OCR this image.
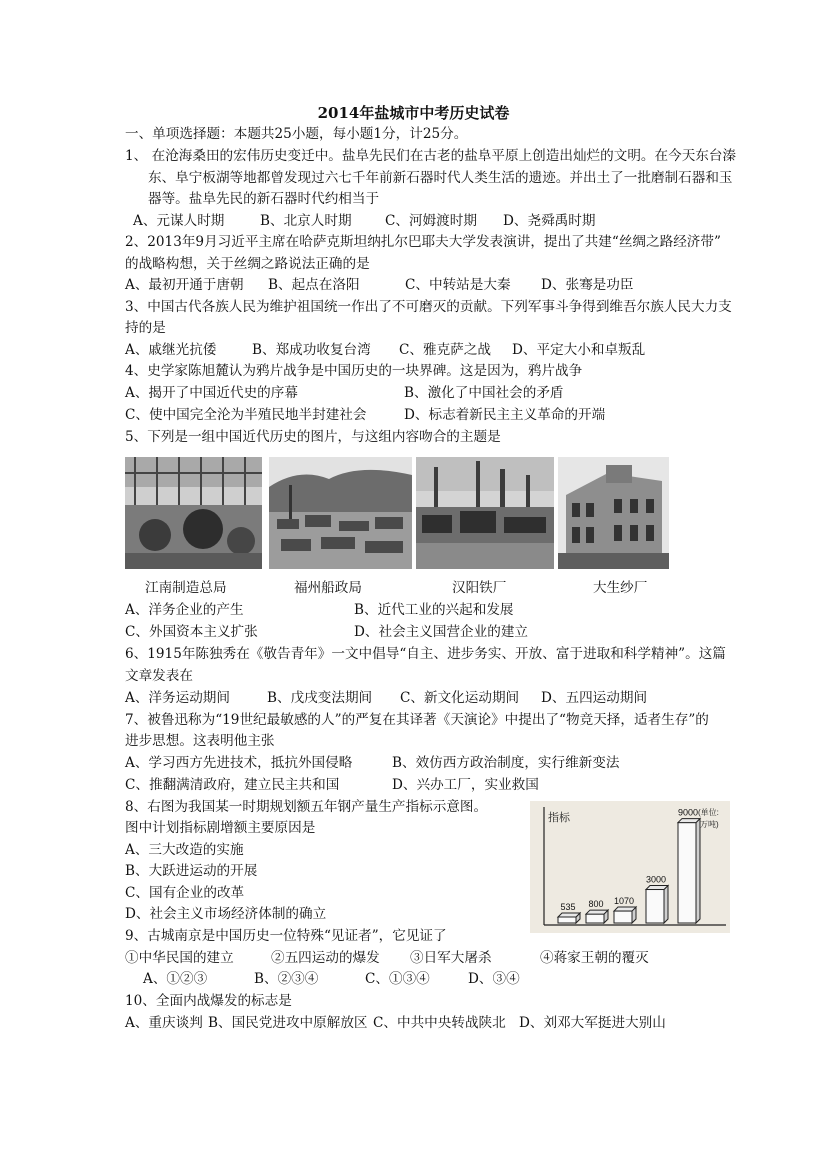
2014年盐城市中考历史试卷
一、单项选择题：本题共25小题，每小题1分，计25分。
1、 在沧海桑田的宏伟历史变迁中。盐阜先民们在古老的盐阜平原上创造出灿烂的文明。在今天东台溱
东、阜宁板湖等地都曾发现过六七千年前新石器时代人类生活的遗迹。并出土了一批磨制石器和玉
器等。盐阜先民的新石器时代约相当于
A、元谋人时期	B、北京人时期 C、河姆渡时期 D、尧舜禹时期
2、2013年9月习近平主席在哈萨克斯坦纳扎尔巴耶夫大学发表演讲，提出了共建“丝绸之路经济带”
的战略构想，关于丝绸之路说法正确的是
A、最初开通于唐朝 B、起点在洛阳	C、中转站是大秦 D、张骞是功臣
3、中国古代各族人民为维护祖国统一作出了不可磨灭的贡献。下列军事斗争得到维吾尔族人民大力支
持的是
A、戚继光抗倭	B、郑成功收复台湾 C、雅克萨之战 D、平定大小和卓叛乱
4、史学家陈旭麓认为鸦片战争是中国历史的一块界碑。这是因为，鸦片战争
A、揭开了中国近代史的序幕	B、激化了中国社会的矛盾
C、使中国完全沦为半殖民地半封建社会	D、标志着新民主主义革命的开端
5、下列是一组中国近代历史的图片，与这组内容吻合的主题是
江南制造总局	福州船政局	汉阳铁厂	大生纱厂
A、洋务企业的产生	B、近代工业的兴起和发展
C、外国资本主义扩张	D、社会主义国营企业的建立
6、1915年陈独秀在《敬告青年》一文中倡导“自主、进步务实、开放、富于进取和科学精神”。这篇
文章发表在
A、洋务运动期间	B、戊戌变法期间 C、新文化运动期间 D、五四运动期间
7、被鲁迅称为“19世纪最敏感的人”的严复在其译著《天演论》中提出了“物竞天择，适者生存”的
进步思想。这表明他主张
A、学习西方先进技术，抵抗外国侵略	B、效仿西方政治制度，实行维新变法
C、推翻满清政府，建立民主共和国	D、兴办工厂，实业救国
8、右图为我国某一时期规划额五年钢产量生产指标示意图。
图中计划指标剧增额主要原因是
A、三大改造的实施
B、大跃进运动的开展
C、国有企业的改革
D、社会主义市场经济体制的确立
指标	(单位:
万吨)
535 800 1070
3000
9000
9、古城南京是中国历史一位特殊“见证者”，它见证了
①中华民国的建立	②五四运动的爆发 ③日军大屠杀	④蒋家王朝的覆灭
A、①②③	B、②③④	C、①③④	D、③④
10、全面内战爆发的标志是
A、重庆谈判 B、国民党进攻中原解放区 C、中共中央转战陕北 D、刘邓大军挺进大别山
